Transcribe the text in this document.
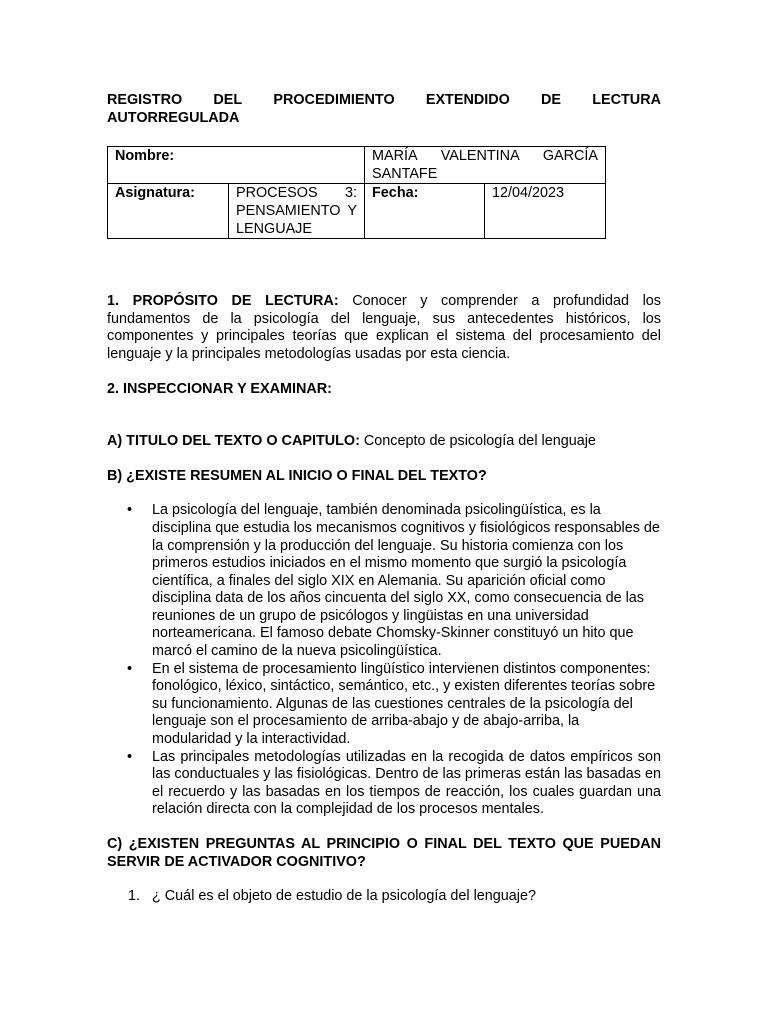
REGISTRO DEL PROCEDIMIENTO EXTENDIDO DE LECTURA
AUTORREGULADA
Nombre:		MARÍA VALENTINA GARCÍA SANTAFE	
Asignatura:	PROCESOS 3: PENSAMIENTO Y LENGUAJE	Fecha:	12/04/2023

1. PROPÓSITO DE LECTURA: Conocer y comprender a profundidad los fundamentos de la psicología del lenguaje, sus antecedentes históricos, los componentes y principales teorías que explican el sistema del procesamiento del lenguaje y la principales metodologías usadas por esta ciencia.

2. INSPECCIONAR Y EXAMINAR:

A) TITULO DEL TEXTO O CAPITULO: Concepto de psicología del lenguaje

B) ¿EXISTE RESUMEN AL INICIO O FINAL DEL TEXTO?

• La psicología del lenguaje, también denominada psicolingüística, es la disciplina que estudia los mecanismos cognitivos y fisiológicos responsables de la comprensión y la producción del lenguaje. Su historia comienza con los primeros estudios iniciados en el mismo momento que surgió la psicología científica, a finales del siglo XIX en Alemania. Su aparición oficial como disciplina data de los años cincuenta del siglo XX, como consecuencia de las reuniones de un grupo de psicólogos y lingüistas en una universidad norteamericana. El famoso debate Chomsky-Skinner constituyó un hito que marcó el camino de la nueva psicolingüística.
• En el sistema de procesamiento lingüístico intervienen distintos componentes: fonológico, léxico, sintáctico, semántico, etc., y existen diferentes teorías sobre su funcionamiento. Algunas de las cuestiones centrales de la psicología del lenguaje son el procesamiento de arriba-abajo y de abajo-arriba, la modularidad y la interactividad.
• Las principales metodologías utilizadas en la recogida de datos empíricos son las conductuales y las fisiológicas. Dentro de las primeras están las basadas en el recuerdo y las basadas en los tiempos de reacción, los cuales guardan una relación directa con la complejidad de los procesos mentales.

C) ¿EXISTEN PREGUNTAS AL PRINCIPIO O FINAL DEL TEXTO QUE PUEDAN SERVIR DE ACTIVADOR COGNITIVO?

1. ¿ Cuál es el objeto de estudio de la psicología del lenguaje?
